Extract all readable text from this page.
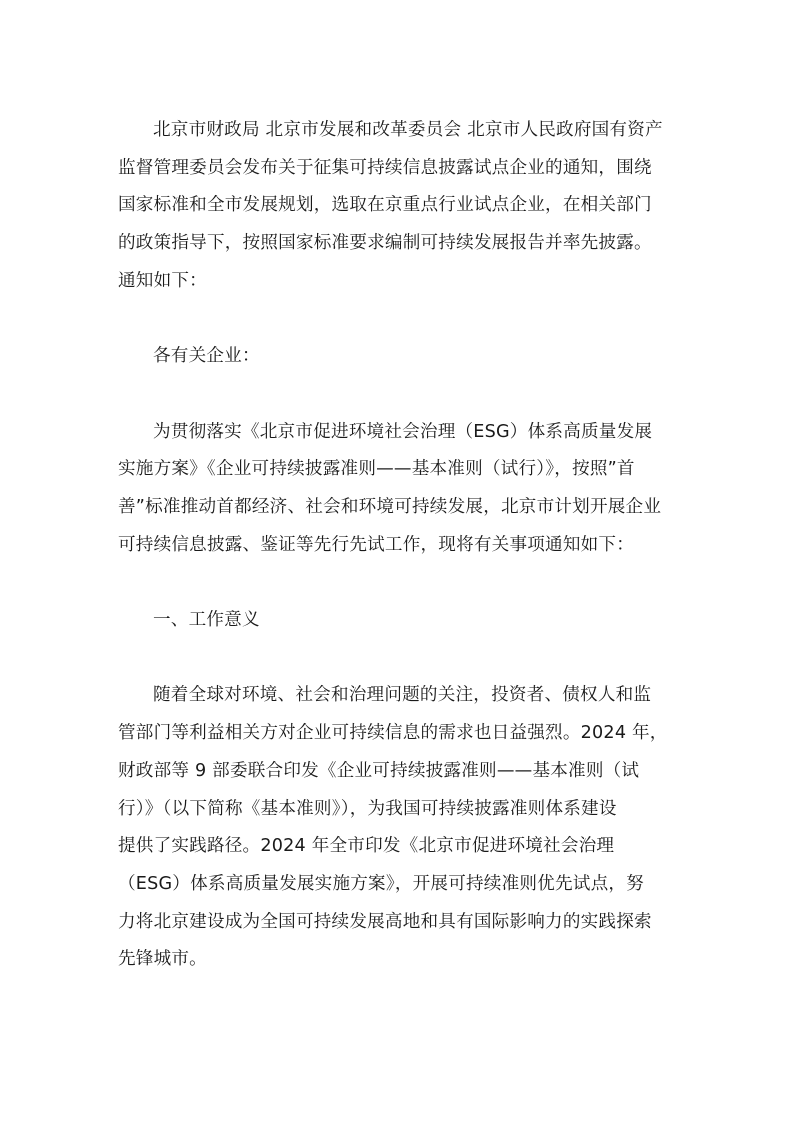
北京市财政局 北京市发展和改革委员会 北京市人民政府国有资产
监督管理委员会发布关于征集可持续信息披露试点企业的通知，围绕
国家标准和全市发展规划，选取在京重点行业试点企业，在相关部门
的政策指导下，按照国家标准要求编制可持续发展报告并率先披露。
通知如下：
各有关企业：
为贯彻落实《北京市促进环境社会治理（ESG）体系高质量发展
实施方案》《企业可持续披露准则——基本准则（试行）》，按照”首
善”标准推动首都经济、社会和环境可持续发展，北京市计划开展企业
可持续信息披露、鉴证等先行先试工作，现将有关事项通知如下：
一、工作意义
随着全球对环境、社会和治理问题的关注，投资者、债权人和监
管部门等利益相关方对企业可持续信息的需求也日益强烈。2024 年，
财政部等 9 部委联合印发《企业可持续披露准则——基本准则（试
行）》（以下简称《基本准则》），为我国可持续披露准则体系建设
提供了实践路径。2024 年全市印发《北京市促进环境社会治理
（ESG）体系高质量发展实施方案》，开展可持续准则优先试点，努
力将北京建设成为全国可持续发展高地和具有国际影响力的实践探索
先锋城市。
